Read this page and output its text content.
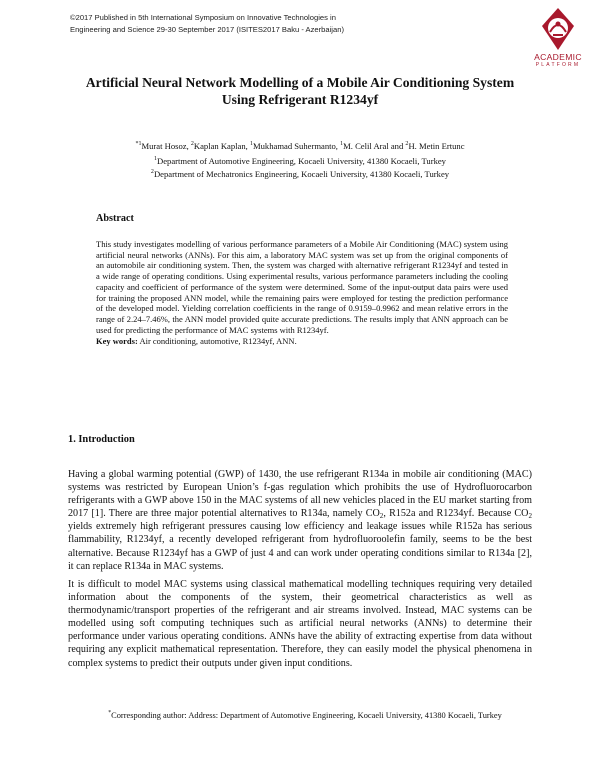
©2017 Published in 5th International Symposium on Innovative Technologies in
Engineering and Science 29-30 September 2017 (ISITES2017 Baku - Azerbaijan)
ACADEMIC
PLATFORM
Artificial Neural Network Modelling of a Mobile Air Conditioning System
Using Refrigerant R1234yf
$^{*1}$Murat Hosoz, $^2$Kaplan Kaplan, $^1$Mukhamad Suhermanto, $^1$M. Celil Aral and $^2$H. Metin Ertunc
$^1$Department of Automotive Engineering, Kocaeli University, 41380 Kocaeli, Turkey
$^2$Department of Mechatronics Engineering, Kocaeli University, 41380 Kocaeli, Turkey
Abstract
This study investigates modelling of various performance parameters of a Mobile Air Conditioning (MAC) system using artificial neural networks (ANNs). For this aim, a laboratory MAC system was set up from the original components of an automobile air conditioning system. Then, the system was charged with alternative refrigerant R1234yf and tested in a wide range of operating conditions. Using experimental results, various performance parameters including the cooling capacity and coefficient of performance of the system were determined. Some of the input-output data pairs were used for training the proposed ANN model, while the remaining pairs were employed for testing the prediction performance of the developed model. Yielding correlation coefficients in the range of 0.9159–0.9962 and mean relative errors in the range of 2.24–7.46%, the ANN model provided quite accurate predictions. The results imply that ANN approach can be used for predicting the performance of MAC systems with R1234yf.
Key words: Air conditioning, automotive, R1234yf, ANN.
1. Introduction
Having a global warming potential (GWP) of 1430, the use refrigerant R134a in mobile air conditioning (MAC) systems was restricted by European Union’s f-gas regulation which prohibits the use of Hydrofluorocarbon refrigerants with a GWP above 150 in the MAC systems of all new vehicles placed in the EU market starting from 2017 [1]. There are three major potential alternatives to R134a, namely $CO_2$, R152a and R1234yf. Because $CO_2$ yields extremely high refrigerant pressures causing low efficiency and leakage issues while R152a has serious flammability, R1234yf, a recently developed refrigerant from hydrofluoroolefin family, seems to be the best alternative. Because R1234yf has a GWP of just 4 and can work under operating conditions similar to R134a [2], it can replace R134a in MAC systems.
It is difficult to model MAC systems using classical mathematical modelling techniques requiring very detailed information about the components of the system, their geometrical characteristics as well as thermodynamic/transport properties of the refrigerant and air streams involved. Instead, MAC systems can be modelled using soft computing techniques such as artificial neural networks (ANNs) to determine their performance under various operating conditions. ANNs have the ability of extracting expertise from data without requiring any explicit mathematical representation. Therefore, they can easily model the physical phenomena in complex systems to predict their outputs under given input conditions.
*Corresponding author: Address: Department of Automotive Engineering, Kocaeli University, 41380 Kocaeli, Turkey
